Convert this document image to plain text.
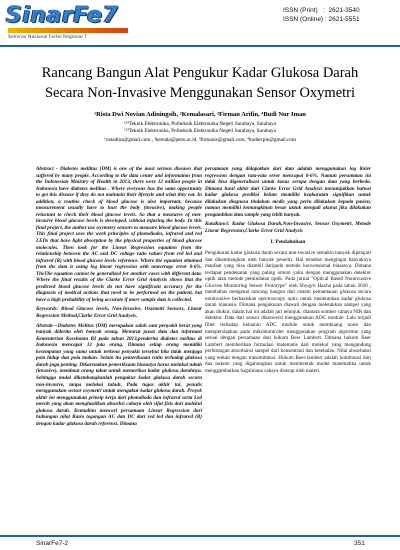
SinarFe7
Seminar Nasional Fortei Regional 7
ISSN (Print)   :  2621-3540
ISSN (Online) : 2621-5551
Rancang Bangun Alat Pengukur Kadar Glukosa Darah
Secara Non-Invasive Menggunakan Sensor Oxymetri
¹Rista Dwi Novian Adiningsih, ²Kemalasari, ³Firman Arifin, ⁴Budi Nur Iman
¹²⁴Teknik Elektronika, Politeknik Elektronika Negeri Surabaya, Surabaya
¹²³Teknik Elektronika, Politeknik Elektronika Negeri Surabaya, Surabaya
¹ristadina@gmail.com , ²kemala@pens.ac.id, ³firmanis@gmail.com, ⁴budiecpie@gmail.com

Abstract - Diabetes mellitus (DM) is one of the most serious diseases that suffered by many people. According to the data center and information from the Indonesian Ministry of Health in 2013, there were 12 million people in Indonesia have diabetes mellitus . Where everyone has the same opportunity to get this disease if they do not maintain their lifestyle and what they eat. In addition, a routine check of blood glucose is also important, because measurement usually have to hurt the body (invasive), making people reluctant to check their blood glucose levels. So that a measures of non-invasive blood glucose levels is developed, without injuring the body. In this final project, the author use oxymetry sensors to measure blood glucose levels. This final project uses the work principles of photodiodes, infrared and red LEDs that have light absorption by the physical properties of blood glucose molecules. Then look for the Linear Regression equation from the relationship between the AC and DC voltage ratio values from red led and infrared (R) with blood glucose levels reference. Where the equation obtained from the data is using log linear regression with anaverage error 0-6%. TheThe equation cannot be generalized for another cases with different data. Where the final results of the Clarke Error Grid Analysis shows that the predicted blood glucose levels do not have significant accuracy for the diagnosis of medical actions that need to be performed on the patient, but have a high probability of being accurate if more sample data is collected.

Keywords: Blood Glucose levels, Non-Invasive, Oxymetri Sensors, Linear Regression Method,Clarke Error Grid Analysis.

Abstrak—Diabetes Melitus (DM) merupakan salah satu penyakit berat yang banyak diderita oleh banyak orang. Menurut pusat data dan informasi Kementerian Kesehatan RI pada tahun 2013,penderita diabetes melitus di Indonesia mencapai 12 juta orang. Dimana setiap orang memiliki kesempatan yang sama untuk terkena penyakit tersebut bila tidak menjaga pola hidup dan pola makan. Selain itu pemeriksaan rutin terhadap glukosa darah juga penting. Dikarenakan pemeriksaan biasanya harus melukai tubuh (invasive), membuat orang takut untuk memeriksa kadar glukosa darahnya. Sehingga mulai dikembangkanlah pengukur kadar glukosa darah secara non-invasive, tanpa melukai tubuh. Pada tugas akhir ini, penulis menggunakan sensor oxymetri untuk mengukur kadar glukosa darah. Proyek akhir ini menggunakan prinsip kerja dari photodioda dan infrared serta Led merah yang akan menghasilkan absorbsi cahaya oleh sifat fisis dari molekul glukosa darah. Kemudian mencari persamaan Linear Regression dari hubungan nilai Rasio tegangan AC dan DC dari red led dan infrared (R) dengan kadar glukosa darah referensi. Dimana

persamaan yang didapatkan dari data adalah menggunakan log linier regression dengan rata-rata error mencapai 0-6%. Namun persamaan ini tidak bisa digeneralisasi untuk kasus serupa dengan data yang berbeda. Dimana hasil akhir dari Clarke Error Grid Analysis menunjukkan bahwa kadar glukosa prediksi belum memiliki keakuratan signifikan untuk dilakukan diagnosa tindakan medis yang perlu dilakukan kepada pasien, namun memiliki kemungkinan besar untuk menjadi akurat jika dilakukan pengambilan data sample yang lebih banyak.

KataKunci: Kadar Glukosa Darah,Non-Invasive, Sensor Oxymetri, Metode Linear Regression,Clarke Error Grid Analysis

I. Pendahuluan

Pengukuran kadar glukosa darah secara non-invasive semakin banyak dipelajari dan dikembangkan oleh banyak peneliti. Hal tersebut mengingat banyaknya manfaat yang bisa diambil daripada metode konvensional biasanya. Dimana terdapat pendekatan yang paling umum yaitu dengan menggunakan detektor optik atau metode pemindaian optik. Pada jurnal "Optical Based Noninvasive Glucose Monitoring Sensor Prototype" oleh Shyqyri Haxha pada tahun 2016 , membahas mengenai rancang bangun dari sistem pemantauan glukosa secara noninvasive berbasiskan spectroscopy optic untuk menentukan kadar glukosa darah manusia. Dimana pengukuran diawali dengan meletakkan sampel yang akan diukur, dalam hal ini adalah jari telunjuk, diantara sumber cahaya NIR dan detektor. Data dari sensor dikonversi menggunakan ADC module. Lalu terjadi filter terhadap keluaran ADC module untuk membuang noise dan mempersiapkan pada mikrokontroler menggunakan program algoritme yang sesuai dengan persamaan dari hukum Beer Lambert. Dimana hukum Beer Lambert memberikan formulasi matematis dari molekul yang mengandung perhitungan absorbansi sampel dari konsentrasi dan ketebalan. Nilai absorbansi yang terkait dengan transmittansi. Hukum Beer-lambert adalah kombinasi dari dua hukum yang digabungkan untuk membentuk model matematika untuk menggambarkan bagaimana cahaya diserap oleh materi.

SinarFe7-2	351
